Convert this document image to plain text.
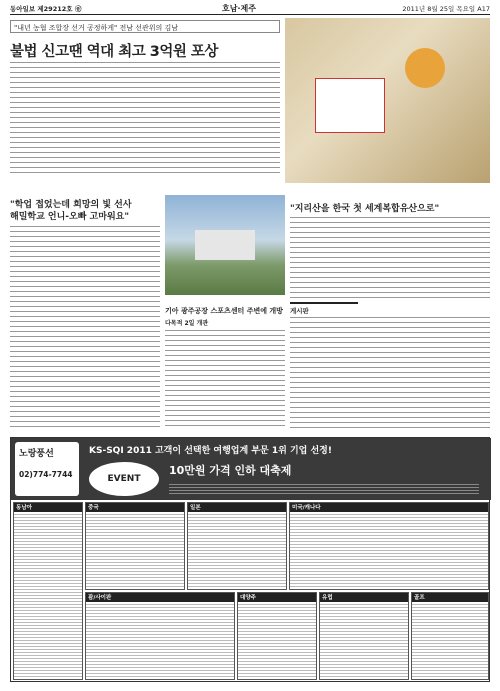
동아일보 제29212호 ㉭	호남·제주	2011년 8월 25일 목요일 A17
"내년 농협 조합장 선거 공정하게" 전남 선관위의 김남
불법 신고땐 역대 최고 3억원 포상
"학업 접었는데 희망의 빛 선사
해밀학교 언니-오빠 고마워요"
기아 광주공장 스포츠센터 주변에 개방
다목적 2일 개관
"지리산을 한국 첫 세계복합유산으로"
게시판
노랑풍선
02)774-7744
KS-SQI 2011 고객이 선택한 여행업계 부문 1위 기업 선정!
EVENT
10만원 가격 인하 대축제
동남아	중국	일본	미국/캐나다
괌/사이판	대양주	유럽	골프
